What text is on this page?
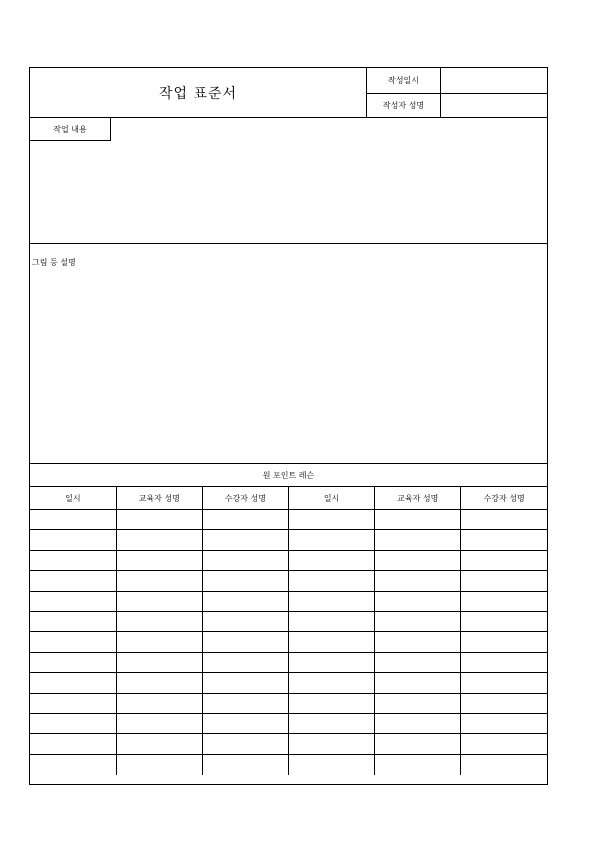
작업 표준서
작성일시
작성자 성명
작업 내용
그림 등 설명
원 포인트 레슨
일시	교육자 성명	수강자 성명	일시	교육자 성명	수강자 성명
